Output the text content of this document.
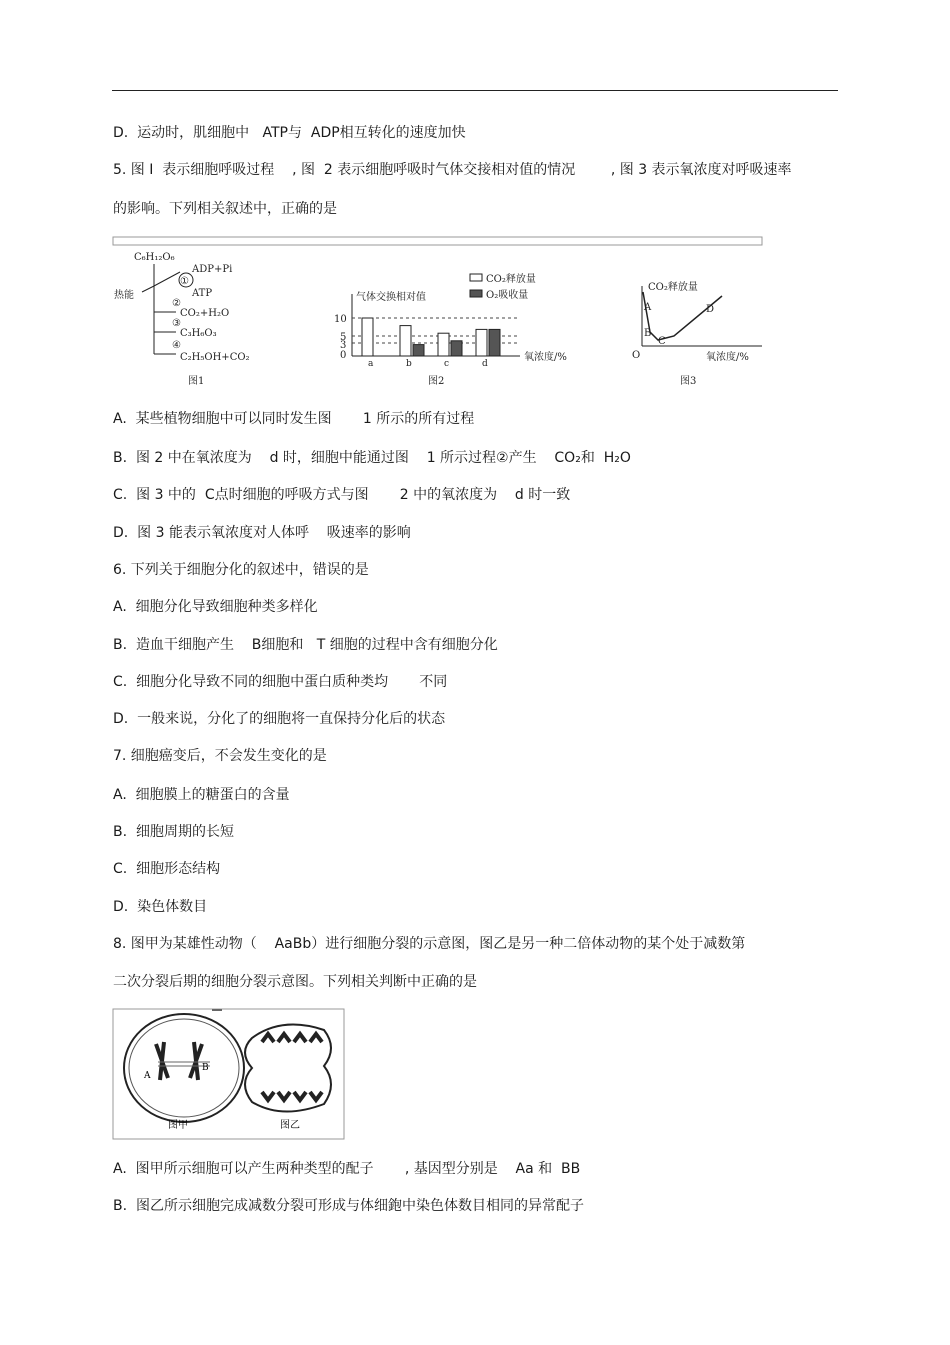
D.  运动时，肌细胞中   ATP与  ADP相互转化的速度加快
5. 图 I  表示细胞呼吸过程    , 图  2 表示细胞呼吸时气体交接相对值的情况        , 图 3 表示氧浓度对呼吸速率
的影响。下列相关叙述中，正确的是
C₆H₁₂O₆
热能
①
ADP+Pi
ATP
②
CO₂+H₂O
③
C₃H₆O₃
④
C₂H₅OH+CO₂
图1
CO₂释放量
O₂吸收量
气体交换相对值
10
5
3
0
a	b	c	d
氧浓度/%
图2
CO₂释放量
A
B
C
D
O	氧浓度/%
图3
A.  某些植物细胞中可以同时发生图       1 所示的所有过程
B.  图 2 中在氧浓度为    d 时，细胞中能通过图    1 所示过程②产生    CO₂和  H₂O
C.  图 3 中的  C点时细胞的呼吸方式与图       2 中的氧浓度为    d 时一致
D.  图 3 能表示氧浓度对人体呼    吸速率的影响
6. 下列关于细胞分化的叙述中，错误的是
A.  细胞分化导致细胞种类多样化
B.  造血干细胞产生    B细胞和   T 细胞的过程中含有细胞分化
C.  细胞分化导致不同的细胞中蛋白质种类均       不同
D.  一般来说，分化了的细胞将一直保持分化后的状态
7. 细胞癌变后，不会发生变化的是
A.  细胞膜上的糖蛋白的含量
B.  细胞周期的长短
C.  细胞形态结构
D.  染色体数目
8. 图甲为某雄性动物（    AaBb）进行细胞分裂的示意图，图乙是另一种二倍体动物的某个处于减数第
二次分裂后期的细胞分裂示意图。下列相关判断中正确的是
A
B
图甲	图乙
A.  图甲所示细胞可以产生两种类型的配子       , 基因型分别是    Aa 和  BB
B.  图乙所示细胞完成减数分裂可形成与体细鉋中染色体数目相同的异常配子
